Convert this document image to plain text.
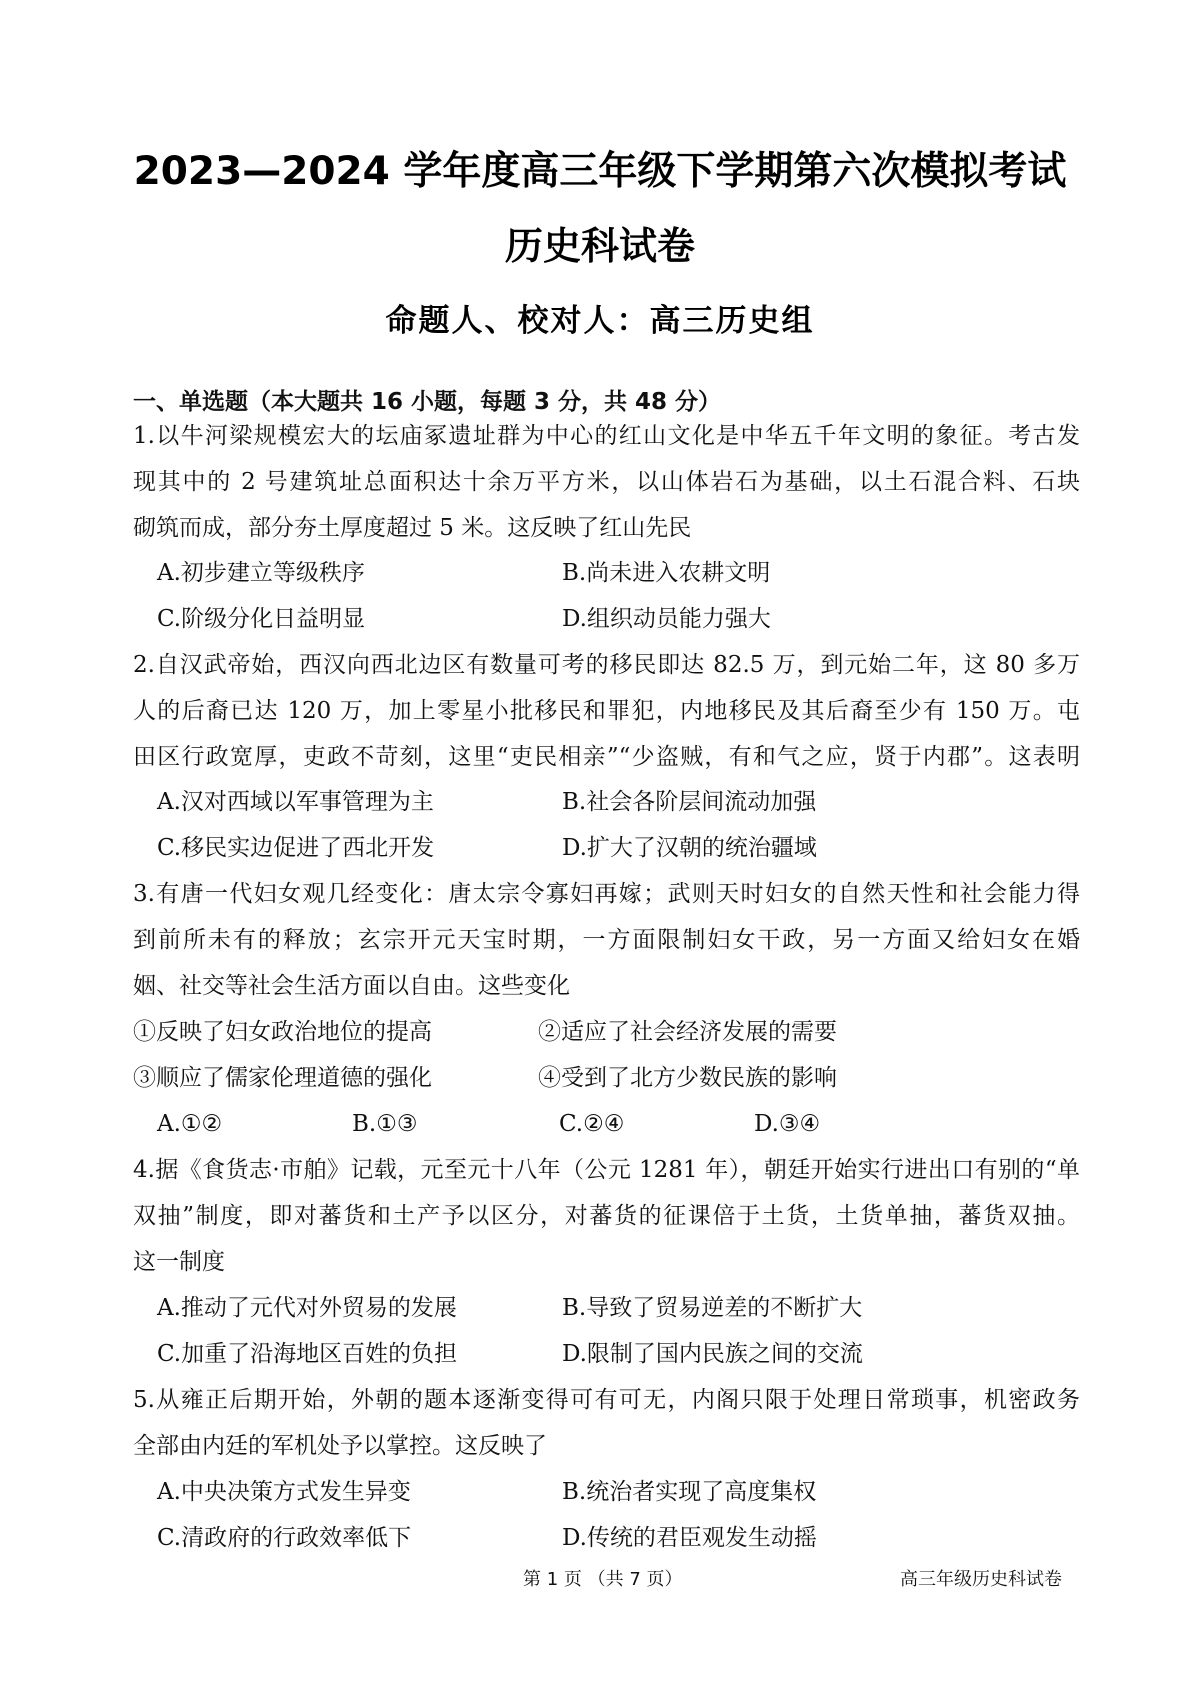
2023—2024 学年度高三年级下学期第六次模拟考试
历史科试卷
命题人、校对人：高三历史组
一、单选题（本大题共 16 小题，每题 3 分，共 48 分）
1.以牛河梁规模宏大的坛庙冢遗址群为中心的红山文化是中华五千年文明的象征。考古发
现其中的 2 号建筑址总面积达十余万平方米，以山体岩石为基础，以土石混合料、石块
砌筑而成，部分夯土厚度超过 5 米。这反映了红山先民
A.初步建立等级秩序	B.尚未进入农耕文明
C.阶级分化日益明显	D.组织动员能力强大
2.自汉武帝始，西汉向西北边区有数量可考的移民即达 82.5 万，到元始二年，这 80 多万
人的后裔已达 120 万，加上零星小批移民和罪犯，内地移民及其后裔至少有 150 万。屯
田区行政宽厚，吏政不苛刻，这里“吏民相亲”“少盗贼，有和气之应，贤于内郡”。这表明
A.汉对西域以军事管理为主	B.社会各阶层间流动加强
C.移民实边促进了西北开发	D.扩大了汉朝的统治疆域
3.有唐一代妇女观几经变化：唐太宗令寡妇再嫁；武则天时妇女的自然天性和社会能力得
到前所未有的释放；玄宗开元天宝时期，一方面限制妇女干政，另一方面又给妇女在婚
姻、社交等社会生活方面以自由。这些变化
①反映了妇女政治地位的提高	②适应了社会经济发展的需要
③顺应了儒家伦理道德的强化	④受到了北方少数民族的影响
A.①②	B.①③	C.②④	D.③④
4.据《食货志·市舶》记载，元至元十八年（公元 1281 年），朝廷开始实行进出口有别的“单
双抽”制度，即对蕃货和土产予以区分，对蕃货的征课倍于土货，土货单抽，蕃货双抽。
这一制度
A.推动了元代对外贸易的发展	B.导致了贸易逆差的不断扩大
C.加重了沿海地区百姓的负担	D.限制了国内民族之间的交流
5.从雍正后期开始，外朝的题本逐渐变得可有可无，内阁只限于处理日常琐事，机密政务
全部由内廷的军机处予以掌控。这反映了
A.中央决策方式发生异变	B.统治者实现了高度集权
C.清政府的行政效率低下	D.传统的君臣观发生动摇
第 1 页 （共 7 页）	高三年级历史科试卷
